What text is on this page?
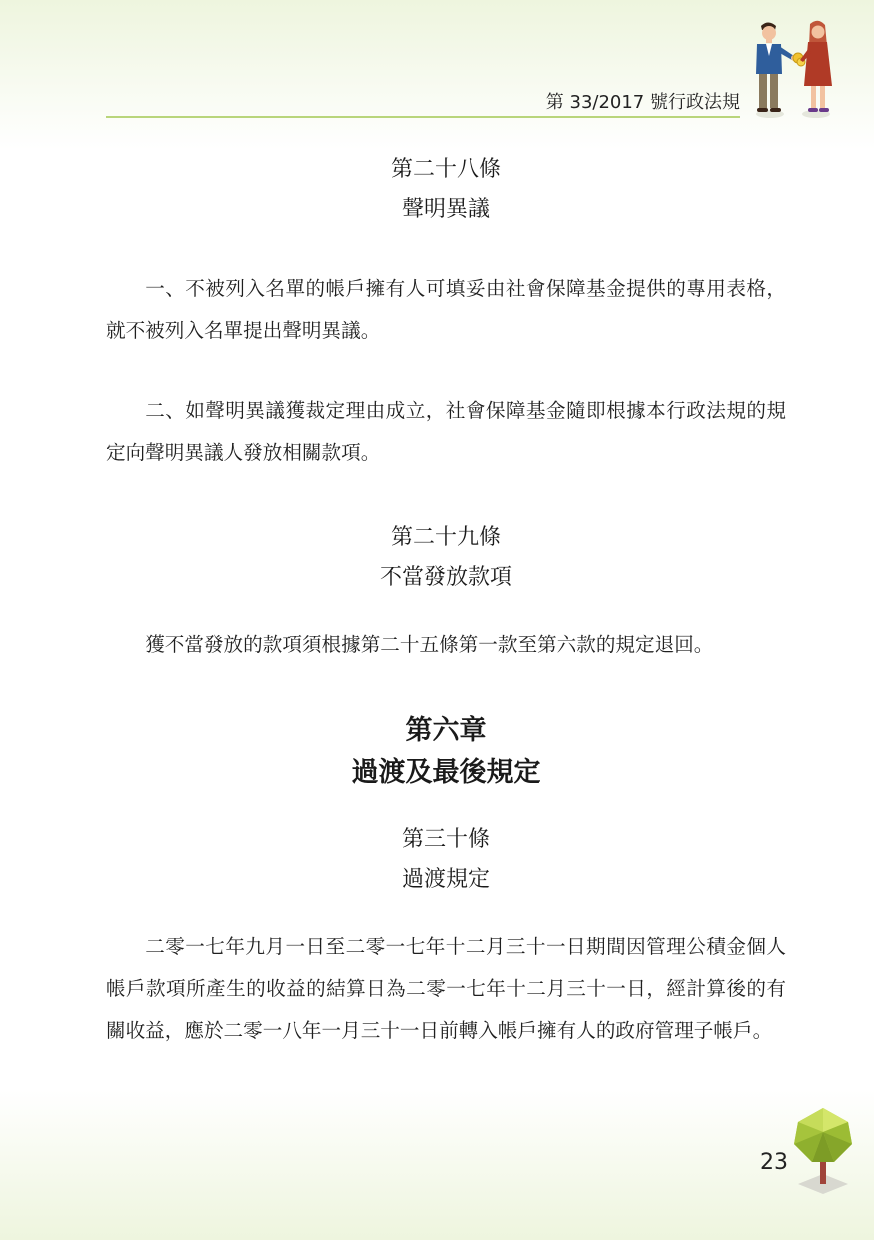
第 33/2017 號行政法規
第二十八條
聲明異議

一、不被列入名單的帳戶擁有人可填妥由社會保障基金提供的專用表格，就不被列入名單提出聲明異議。

二、如聲明異議獲裁定理由成立，社會保障基金隨即根據本行政法規的規定向聲明異議人發放相關款項。

第二十九條
不當發放款項

獲不當發放的款項須根據第二十五條第一款至第六款的規定退回。

第六章
過渡及最後規定
第三十條
過渡規定

二零一七年九月一日至二零一七年十二月三十一日期間因管理公積金個人帳戶款項所產生的收益的結算日為二零一七年十二月三十一日，經計算後的有關收益，應於二零一八年一月三十一日前轉入帳戶擁有人的政府管理子帳戶。

23
